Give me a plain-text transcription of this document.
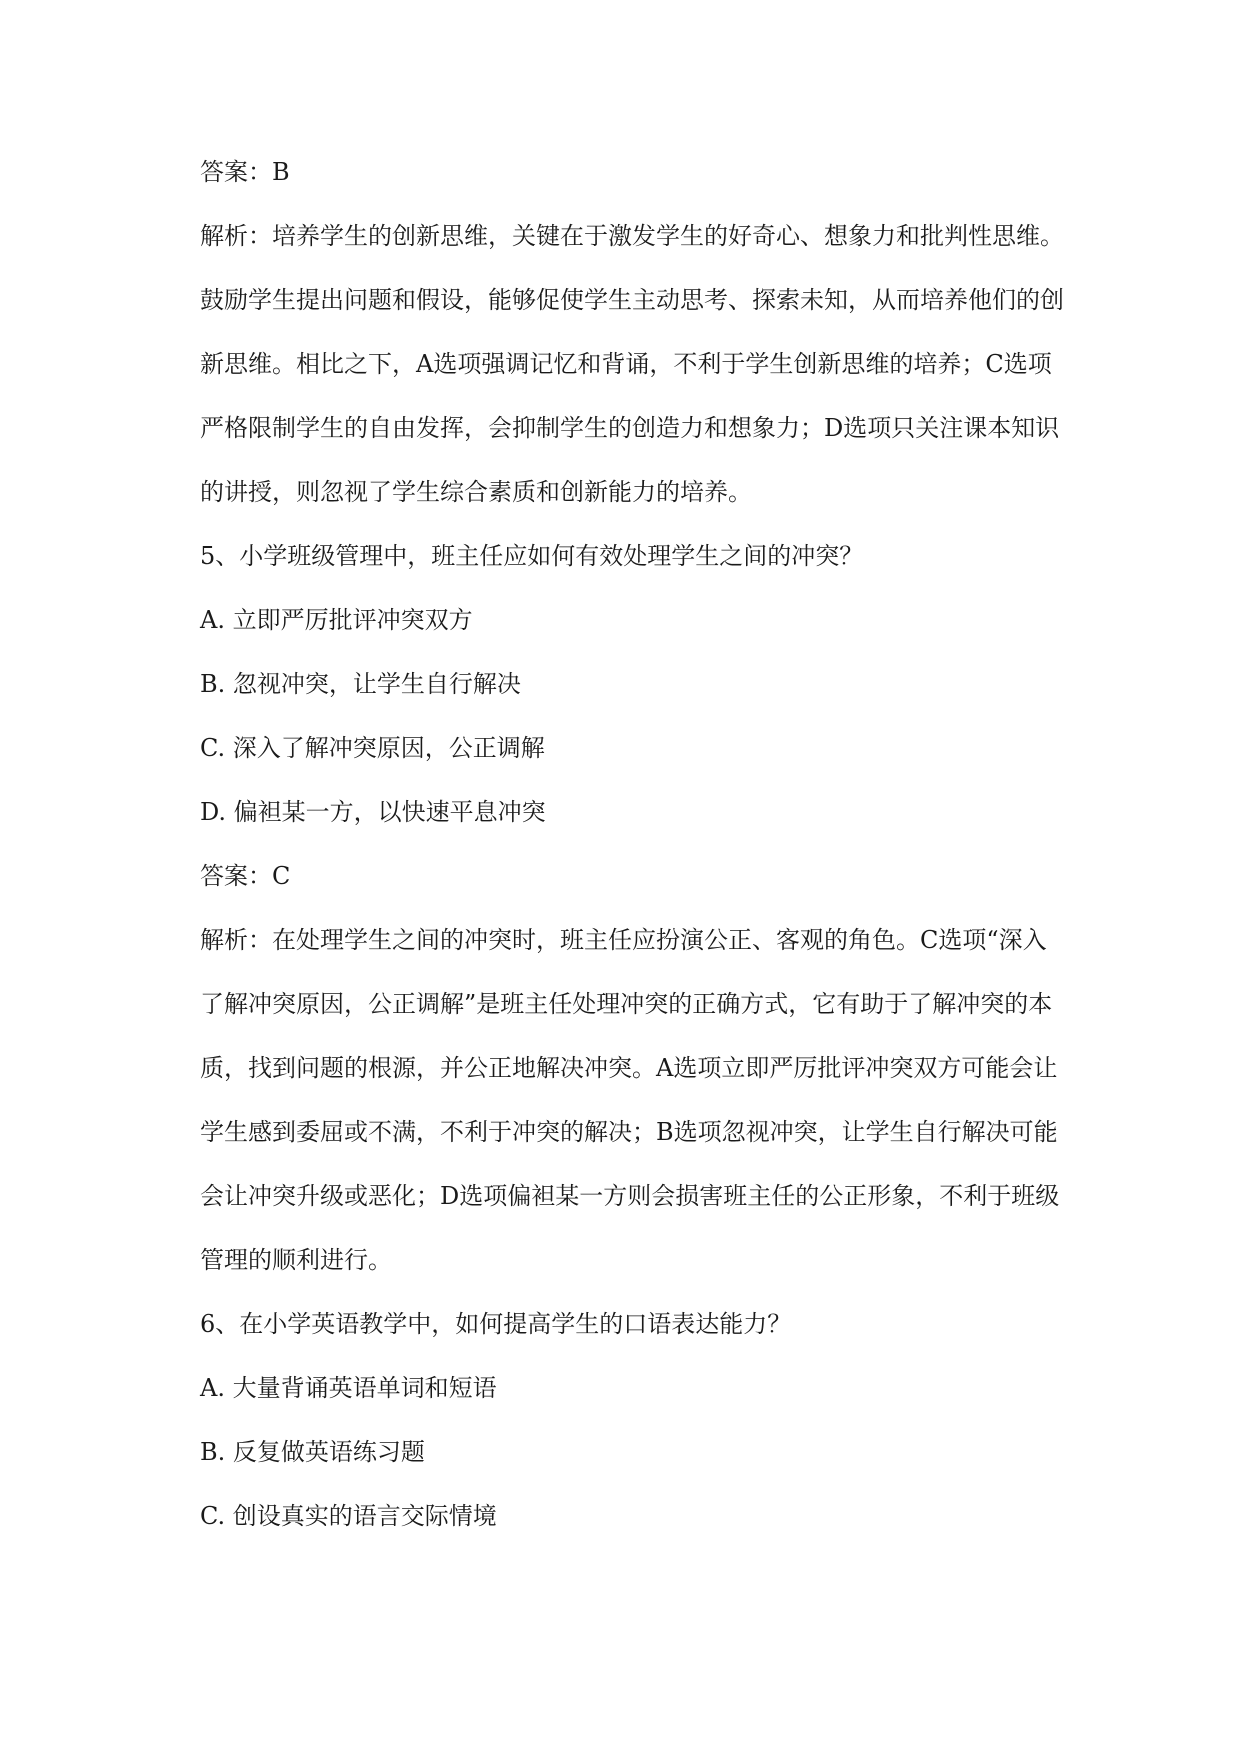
答案：B
解析：培养学生的创新思维，关键在于激发学生的好奇心、想象力和批判性思维。
鼓励学生提出问题和假设，能够促使学生主动思考、探索未知，从而培养他们的创
新思维。相比之下，A选项强调记忆和背诵，不利于学生创新思维的培养；C选项
严格限制学生的自由发挥，会抑制学生的创造力和想象力；D选项只关注课本知识
的讲授，则忽视了学生综合素质和创新能力的培养。
5、小学班级管理中，班主任应如何有效处理学生之间的冲突？
A. 立即严厉批评冲突双方
B. 忽视冲突，让学生自行解决
C. 深入了解冲突原因，公正调解
D. 偏袒某一方，以快速平息冲突
答案：C
解析：在处理学生之间的冲突时，班主任应扮演公正、客观的角色。C选项“深入
了解冲突原因，公正调解”是班主任处理冲突的正确方式，它有助于了解冲突的本
质，找到问题的根源，并公正地解决冲突。A选项立即严厉批评冲突双方可能会让
学生感到委屈或不满，不利于冲突的解决；B选项忽视冲突，让学生自行解决可能
会让冲突升级或恶化；D选项偏袒某一方则会损害班主任的公正形象，不利于班级
管理的顺利进行。
6、在小学英语教学中，如何提高学生的口语表达能力？
A. 大量背诵英语单词和短语
B. 反复做英语练习题
C. 创设真实的语言交际情境
